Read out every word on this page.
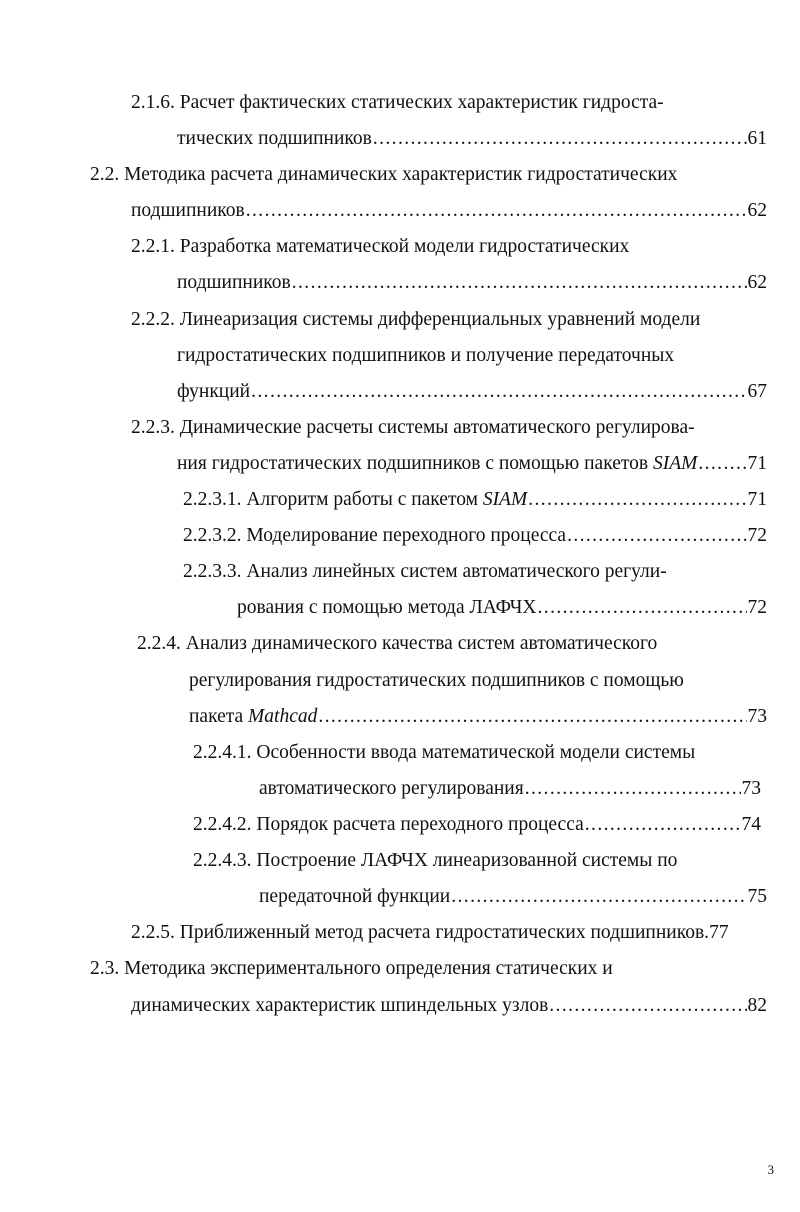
2.1.6. Расчет фактических статических характеристик гидроста-
тических подшипников .....	61
2.2. Методика расчета динамических характеристик гидростатических
подшипников .....	62
2.2.1. Разработка математической модели гидростатических
подшипников .....	62
2.2.2. Линеаризация системы дифференциальных уравнений модели
гидростатических подшипников и получение передаточных
функций .....	67
2.2.3. Динамические расчеты системы автоматического регулирова-
ния гидростатических подшипников с помощью пакетов SIAM .....	71
2.2.3.1. Алгоритм работы с пакетом SIAM .....	71
2.2.3.2. Моделирование переходного процесса .....	72
2.2.3.3. Анализ линейных систем автоматического регули-
рования с помощью метода ЛАФЧХ .....	72
2.2.4. Анализ динамического качества систем автоматического
регулирования гидростатических подшипников с помощью
пакета Mathcad .....	73
2.2.4.1. Особенности ввода математической модели системы
автоматического регулирования .....	73
2.2.4.2. Порядок расчета переходного процесса .....	74
2.2.4.3. Построение ЛАФЧХ линеаризованной системы по
передаточной функции .....	75
2.2.5. Приближенный метод расчета гидростатических подшипников. 77
2.3. Методика экспериментального определения статических и
динамических характеристик шпиндельных узлов .....	82
3
